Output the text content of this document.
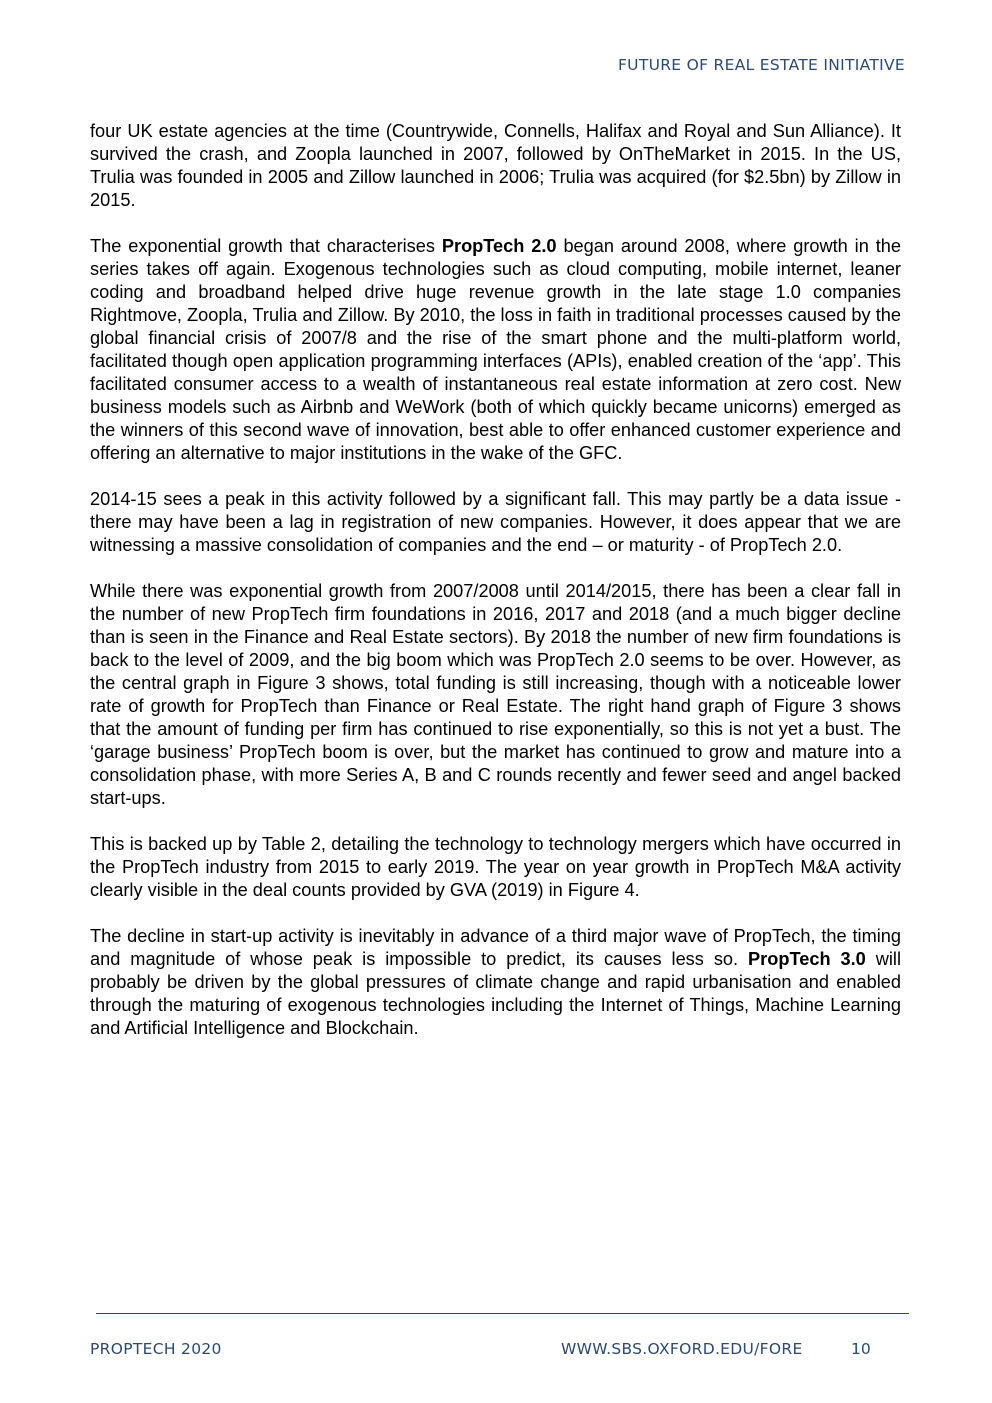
FUTURE OF REAL ESTATE INITIATIVE

four UK estate agencies at the time (Countrywide, Connells, Halifax and Royal and Sun Alliance). It survived the crash, and Zoopla launched in 2007, followed by OnTheMarket in 2015. In the US, Trulia was founded in 2005 and Zillow launched in 2006; Trulia was acquired (for $2.5bn) by Zillow in 2015.

The exponential growth that characterises PropTech 2.0 began around 2008, where growth in the series takes off again. Exogenous technologies such as cloud computing, mobile internet, leaner coding and broadband helped drive huge revenue growth in the late stage 1.0 companies Rightmove, Zoopla, Trulia and Zillow. By 2010, the loss in faith in traditional processes caused by the global financial crisis of 2007/8 and the rise of the smart phone and the multi-platform world, facilitated though open application programming interfaces (APIs), enabled creation of the ‘app’. This facilitated consumer access to a wealth of instantaneous real estate information at zero cost. New business models such as Airbnb and WeWork (both of which quickly became unicorns) emerged as the winners of this second wave of innovation, best able to offer enhanced customer experience and offering an alternative to major institutions in the wake of the GFC.

2014-15 sees a peak in this activity followed by a significant fall. This may partly be a data issue - there may have been a lag in registration of new companies. However, it does appear that we are witnessing a massive consolidation of companies and the end – or maturity - of PropTech 2.0.

While there was exponential growth from 2007/2008 until 2014/2015, there has been a clear fall in the number of new PropTech firm foundations in 2016, 2017 and 2018 (and a much bigger decline than is seen in the Finance and Real Estate sectors). By 2018 the number of new firm foundations is back to the level of 2009, and the big boom which was PropTech 2.0 seems to be over. However, as the central graph in Figure 3 shows, total funding is still increasing, though with a noticeable lower rate of growth for PropTech than Finance or Real Estate. The right hand graph of Figure 3 shows that the amount of funding per firm has continued to rise exponentially, so this is not yet a bust. The ‘garage business’ PropTech boom is over, but the market has continued to grow and mature into a consolidation phase, with more Series A, B and C rounds recently and fewer seed and angel backed start-ups.

This is backed up by Table 2, detailing the technology to technology mergers which have occurred in the PropTech industry from 2015 to early 2019. The year on year growth in PropTech M&A activity clearly visible in the deal counts provided by GVA (2019) in Figure 4.

The decline in start-up activity is inevitably in advance of a third major wave of PropTech, the timing and magnitude of whose peak is impossible to predict, its causes less so. PropTech 3.0 will probably be driven by the global pressures of climate change and rapid urbanisation and enabled through the maturing of exogenous technologies including the Internet of Things, Machine Learning and Artificial Intelligence and Blockchain.

PROPTECH 2020	WWW.SBS.OXFORD.EDU/FORE	10
